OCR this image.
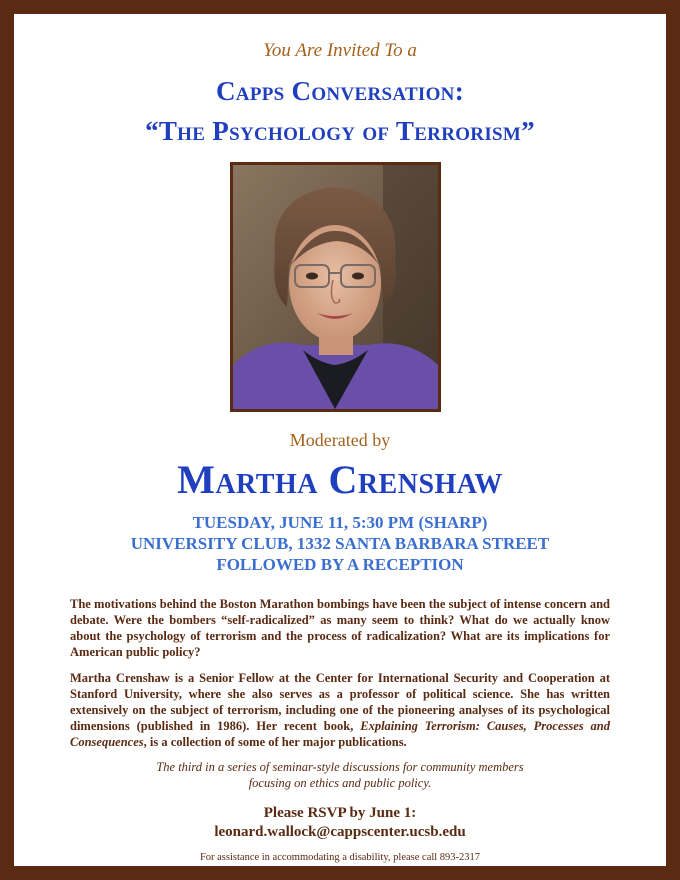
You Are Invited To a
Capps Conversation:
“The Psychology of Terrorism”
Moderated by
Martha Crenshaw
TUESDAY, JUNE 11, 5:30 PM (SHARP)
UNIVERSITY CLUB, 1332 SANTA BARBARA STREET
FOLLOWED BY A RECEPTION
The motivations behind the Boston Marathon bombings have been the subject of intense concern and debate. Were the bombers “self-radicalized” as many seem to think? What do we actually know about the psychology of terrorism and the process of radicalization? What are its implications for American public policy?
Martha Crenshaw is a Senior Fellow at the Center for International Security and Cooperation at Stanford University, where she also serves as a professor of political science. She has written extensively on the subject of terrorism, including one of the pioneering analyses of its psychological dimensions (published in 1986). Her recent book, Explaining Terrorism: Causes, Processes and Consequences, is a collection of some of her major publications.
The third in a series of seminar-style discussions for community members
focusing on ethics and public policy.
Please RSVP by June 1:
leonard.wallock@cappscenter.ucsb.edu
For assistance in accommodating a disability, please call 893-2317
